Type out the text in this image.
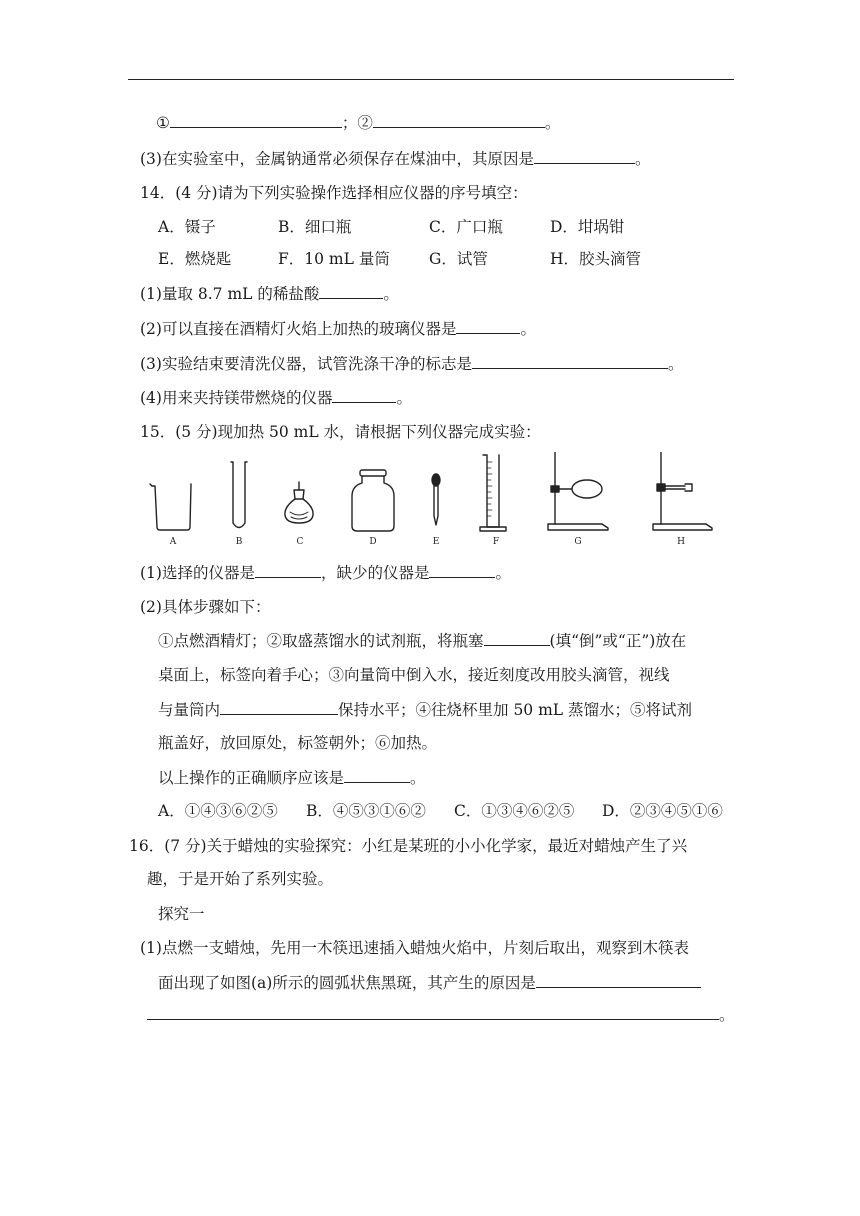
①	；②	。
(3)在实验室中，金属钠通常必须保存在煤油中，其原因是	。
14．(4 分)请为下列实验操作选择相应仪器的序号填空：
A．镊子	B．细口瓶	C．广口瓶	D．坩埚钳
E．燃烧匙	F．10 mL 量筒	G．试管	H．胶头滴管
(1)量取 8.7 mL 的稀盐酸	。
(2)可以直接在酒精灯火焰上加热的玻璃仪器是	。
(3)实验结束要清洗仪器，试管洗涤干净的标志是	。
(4)用来夹持镁带燃烧的仪器	。
15．(5 分)现加热 50 mL 水，请根据下列仪器完成实验：
A	B	C	D	E	F	G	H
(1)选择的仪器是	，缺少的仪器是	。
(2)具体步骤如下：
①点燃酒精灯；②取盛蒸馏水的试剂瓶，将瓶塞	(填“倒”或“正”)放在
桌面上，标签向着手心；③向量筒中倒入水，接近刻度改用胶头滴管，视线
与量筒内	保持水平；④往烧杯里加 50 mL 蒸馏水；⑤将试剂
瓶盖好，放回原处，标签朝外；⑥加热。
以上操作的正确顺序应该是	。
A．①④③⑥②⑤ B．④⑤③①⑥② C．①③④⑥②⑤ D．②③④⑤①⑥
16．(7 分)关于蜡烛的实验探究：小红是某班的小小化学家，最近对蜡烛产生了兴
趣，于是开始了系列实验。
探究一
(1)点燃一支蜡烛，先用一木筷迅速插入蜡烛火焰中，片刻后取出，观察到木筷表
面出现了如图(a)所示的圆弧状焦黑斑，其产生的原因是
。
